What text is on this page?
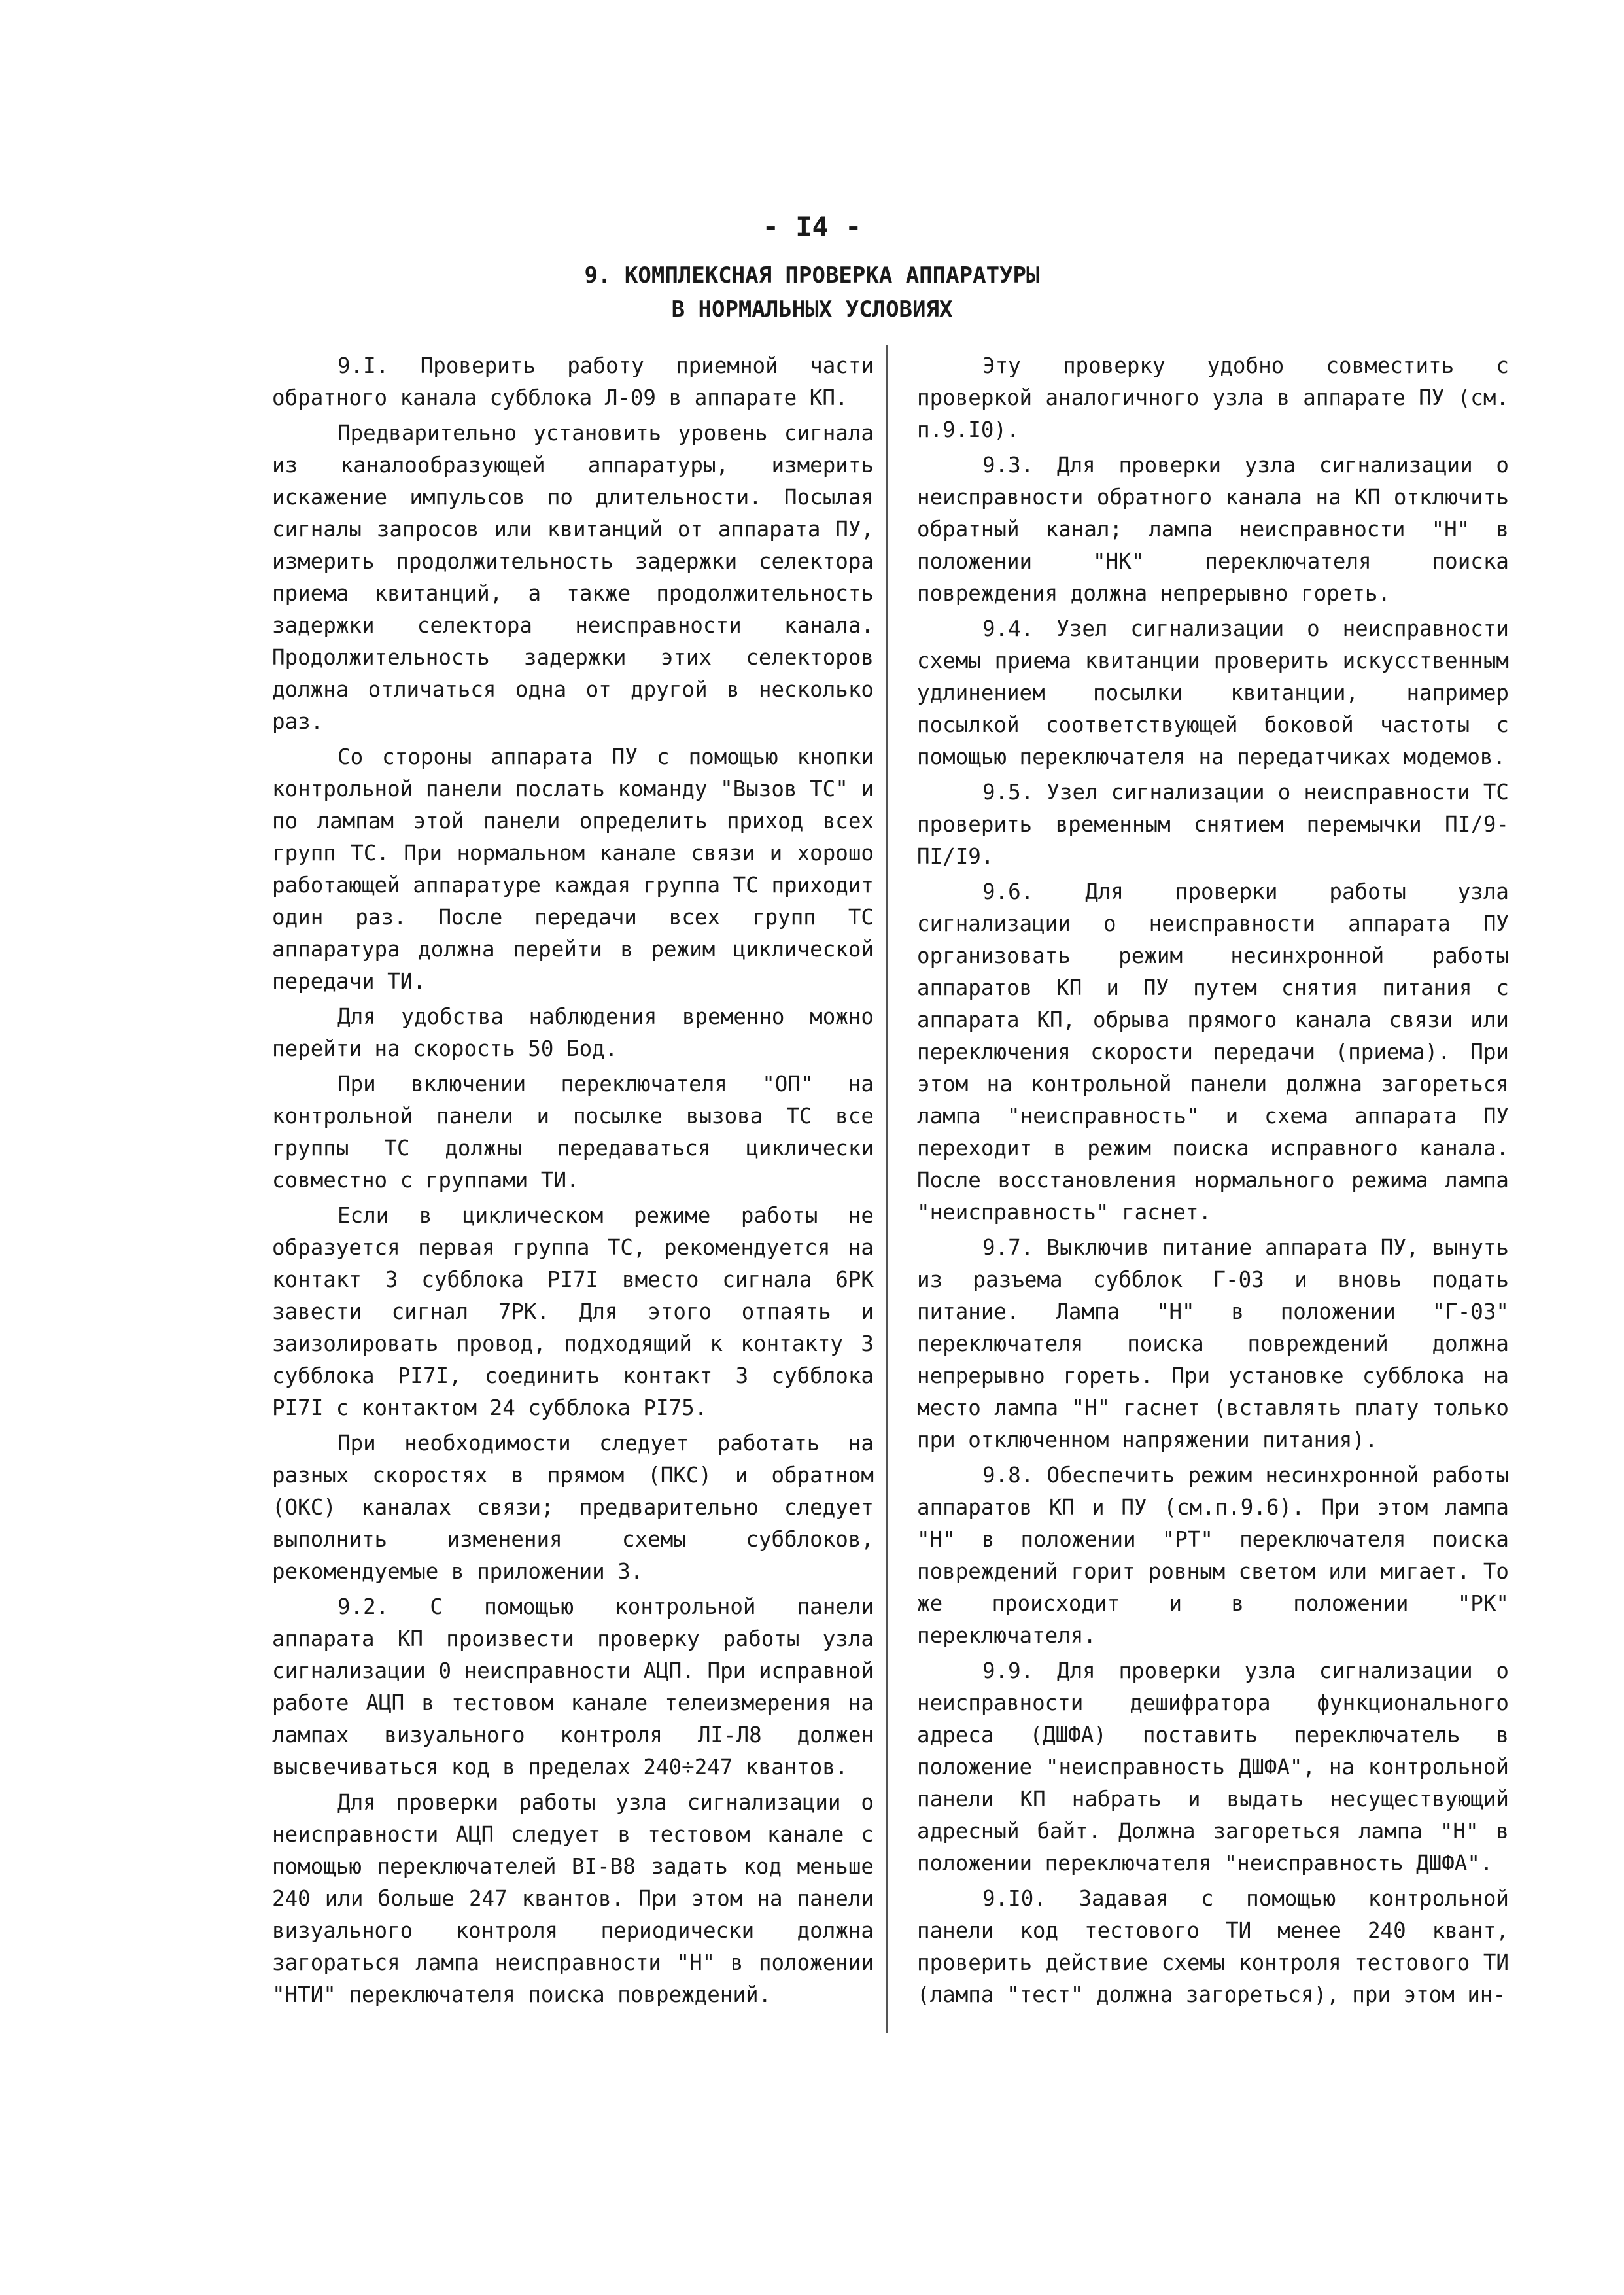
- I4 -
9. КОМПЛЕКСНАЯ ПРОВЕРКА АППАРАТУРЫ
В НОРМАЛЬНЫХ УСЛОВИЯХ

9.I. Проверить работу приемной части обратного канала субблока Л-09 в аппарате КП.

Предварительно установить уровень сигнала из каналообразующей аппаратуры, измерить искажение импульсов по длительности. Посылая сигналы запросов или квитанций от аппарата ПУ, измерить продолжительность задержки селектора приема квитанций, а также продолжительность задержки селектора неисправности канала. Продолжительность задержки этих селекторов должна отличаться одна от другой в несколько раз.

Со стороны аппарата ПУ с помощью кнопки контрольной панели послать команду "Вызов ТС" и по лампам этой панели определить приход всех групп ТС. При нормальном канале связи и хорошо работающей аппаратуре каждая группа ТС приходит один раз. После передачи всех групп ТС аппаратура должна перейти в режим циклической передачи ТИ.

Для удобства наблюдения временно можно перейти на скорость 50 Бод.

При включении переключателя "ОП" на контрольной панели и посылке вызова ТС все группы ТС должны передаваться циклически совместно с группами ТИ.

Если в циклическом режиме работы не образуется первая группа ТС, рекомендуется на контакт 3 субблока РI7I вместо сигнала 6РК завести сигнал 7РК. Для этого отпаять и заизолировать провод, подходящий к контакту 3 субблока РI7I, соединить контакт 3 субблока РI7I с контактом 24 субблока РI75.

При необходимости следует работать на разных скоростях в прямом (ПКС) и обратном (ОКС) каналах связи; предварительно следует выполнить изменения схемы субблоков, рекомендуемые в приложении 3.

9.2. С помощью контрольной панели аппарата КП произвести проверку работы узла сигнализации 0 неисправности АЦП. При исправной работе АЦП в тестовом канале телеизмерения на лампах визуального контроля ЛI-Л8 должен высвечиваться код в пределах 240÷247 квантов.

Для проверки работы узла сигнализации о неисправности АЦП следует в тестовом канале с помощью переключателей ВI-В8 задать код меньше 240 или больше 247 квантов. При этом на панели визуального контроля периодически должна загораться лампа неисправности "Н" в положении "НТИ" переключателя поиска повреждений.

Эту проверку удобно совместить с проверкой аналогичного узла в аппарате ПУ (см. п.9.I0).

9.3. Для проверки узла сигнализации о неисправности обратного канала на КП отключить обратный канал; лампа неисправности "Н" в положении "НК" переключателя поиска повреждения должна непрерывно гореть.

9.4. Узел сигнализации о неисправности схемы приема квитанции проверить искусственным удлинением посылки квитанции, например посылкой соответствующей боковой частоты с помощью переключателя на передатчиках модемов.

9.5. Узел сигнализации о неисправности ТС проверить временным снятием перемычки ПI/9-ПI/I9.

9.6. Для проверки работы узла сигнализации о неисправности аппарата ПУ организовать режим несинхронной работы аппаратов КП и ПУ путем снятия питания с аппарата КП, обрыва прямого канала связи или переключения скорости передачи (приема). При этом на контрольной панели должна загореться лампа "неисправность" и схема аппарата ПУ переходит в режим поиска исправного канала. После восстановления нормального режима лампа "неисправность" гаснет.

9.7. Выключив питание аппарата ПУ, вынуть из разъема субблок Г-03 и вновь подать питание. Лампа "Н" в положении "Г-03" переключателя поиска повреждений должна непрерывно гореть. При установке субблока на место лампа "Н" гаснет (вставлять плату только при отключенном напряжении питания).

9.8. Обеспечить режим несинхронной работы аппаратов КП и ПУ (см.п.9.6). При этом лампа "Н" в положении "РТ" переключателя поиска повреждений горит ровным светом или мигает. То же происходит и в положении "РК" переключателя.

9.9. Для проверки узла сигнализации о неисправности дешифратора функционального адреса (ДШФА) поставить переключатель в положение "неисправность ДШФА", на контрольной панели КП набрать и выдать несуществующий адресный байт. Должна загореться лампа "Н" в положении переключателя "неисправность ДШФА".

9.I0. Задавая с помощью контрольной панели код тестового ТИ менее 240 квант, проверить действие схемы контроля тестового ТИ (лампа "тест" должна загореться), при этом ин-
